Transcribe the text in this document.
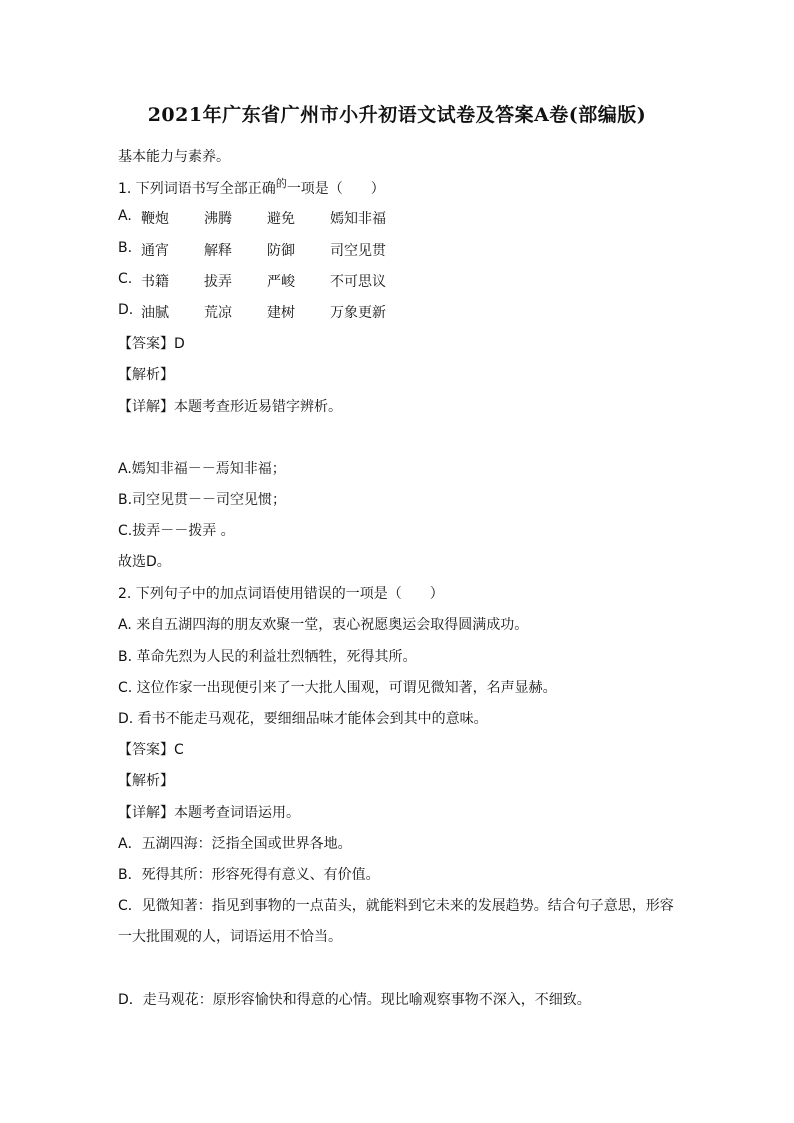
2021年广东省广州市小升初语文试卷及答案A卷(部编版)
基本能力与素养。
1. 下列词语书写全部正确$^的$一项是（　　）
A. 鞭炮	沸腾	避免	嫣知非福
B. 通宵	解释	防御	司空见贯
C. 书籍	拔弄	严峻	不可思议
D. 油腻	荒凉	建树	万象更新
【答案】D
【解析】
【详解】本题考查形近易错字辨析。
A.嫣知非福－－焉知非福；
B.司空见贯－－司空见惯；
C.拔弄－－拨弄 。
故选D。
2. 下列句子中的加点词语使用错误的一项是（　　）
A. 来自五湖四海的朋友欢聚一堂，衷心祝愿奥运会取得圆满成功。
B. 革命先烈为人民的利益壮烈牺牲，死得其所。
C. 这位作家一出现便引来了一大批人围观，可谓见微知著，名声显赫。
D. 看书不能走马观花，要细细品味才能体会到其中的意味。
【答案】C
【解析】
【详解】本题考查词语运用。
A．五湖四海：泛指全国或世界各地。
B．死得其所：形容死得有意义、有价值。
C．见微知著：指见到事物的一点苗头，就能料到它未来的发展趋势。结合句子意思，形容
一大批围观的人，词语运用不恰当。
D．走马观花：原形容愉快和得意的心情。现比喻观察事物不深入，不细致。
